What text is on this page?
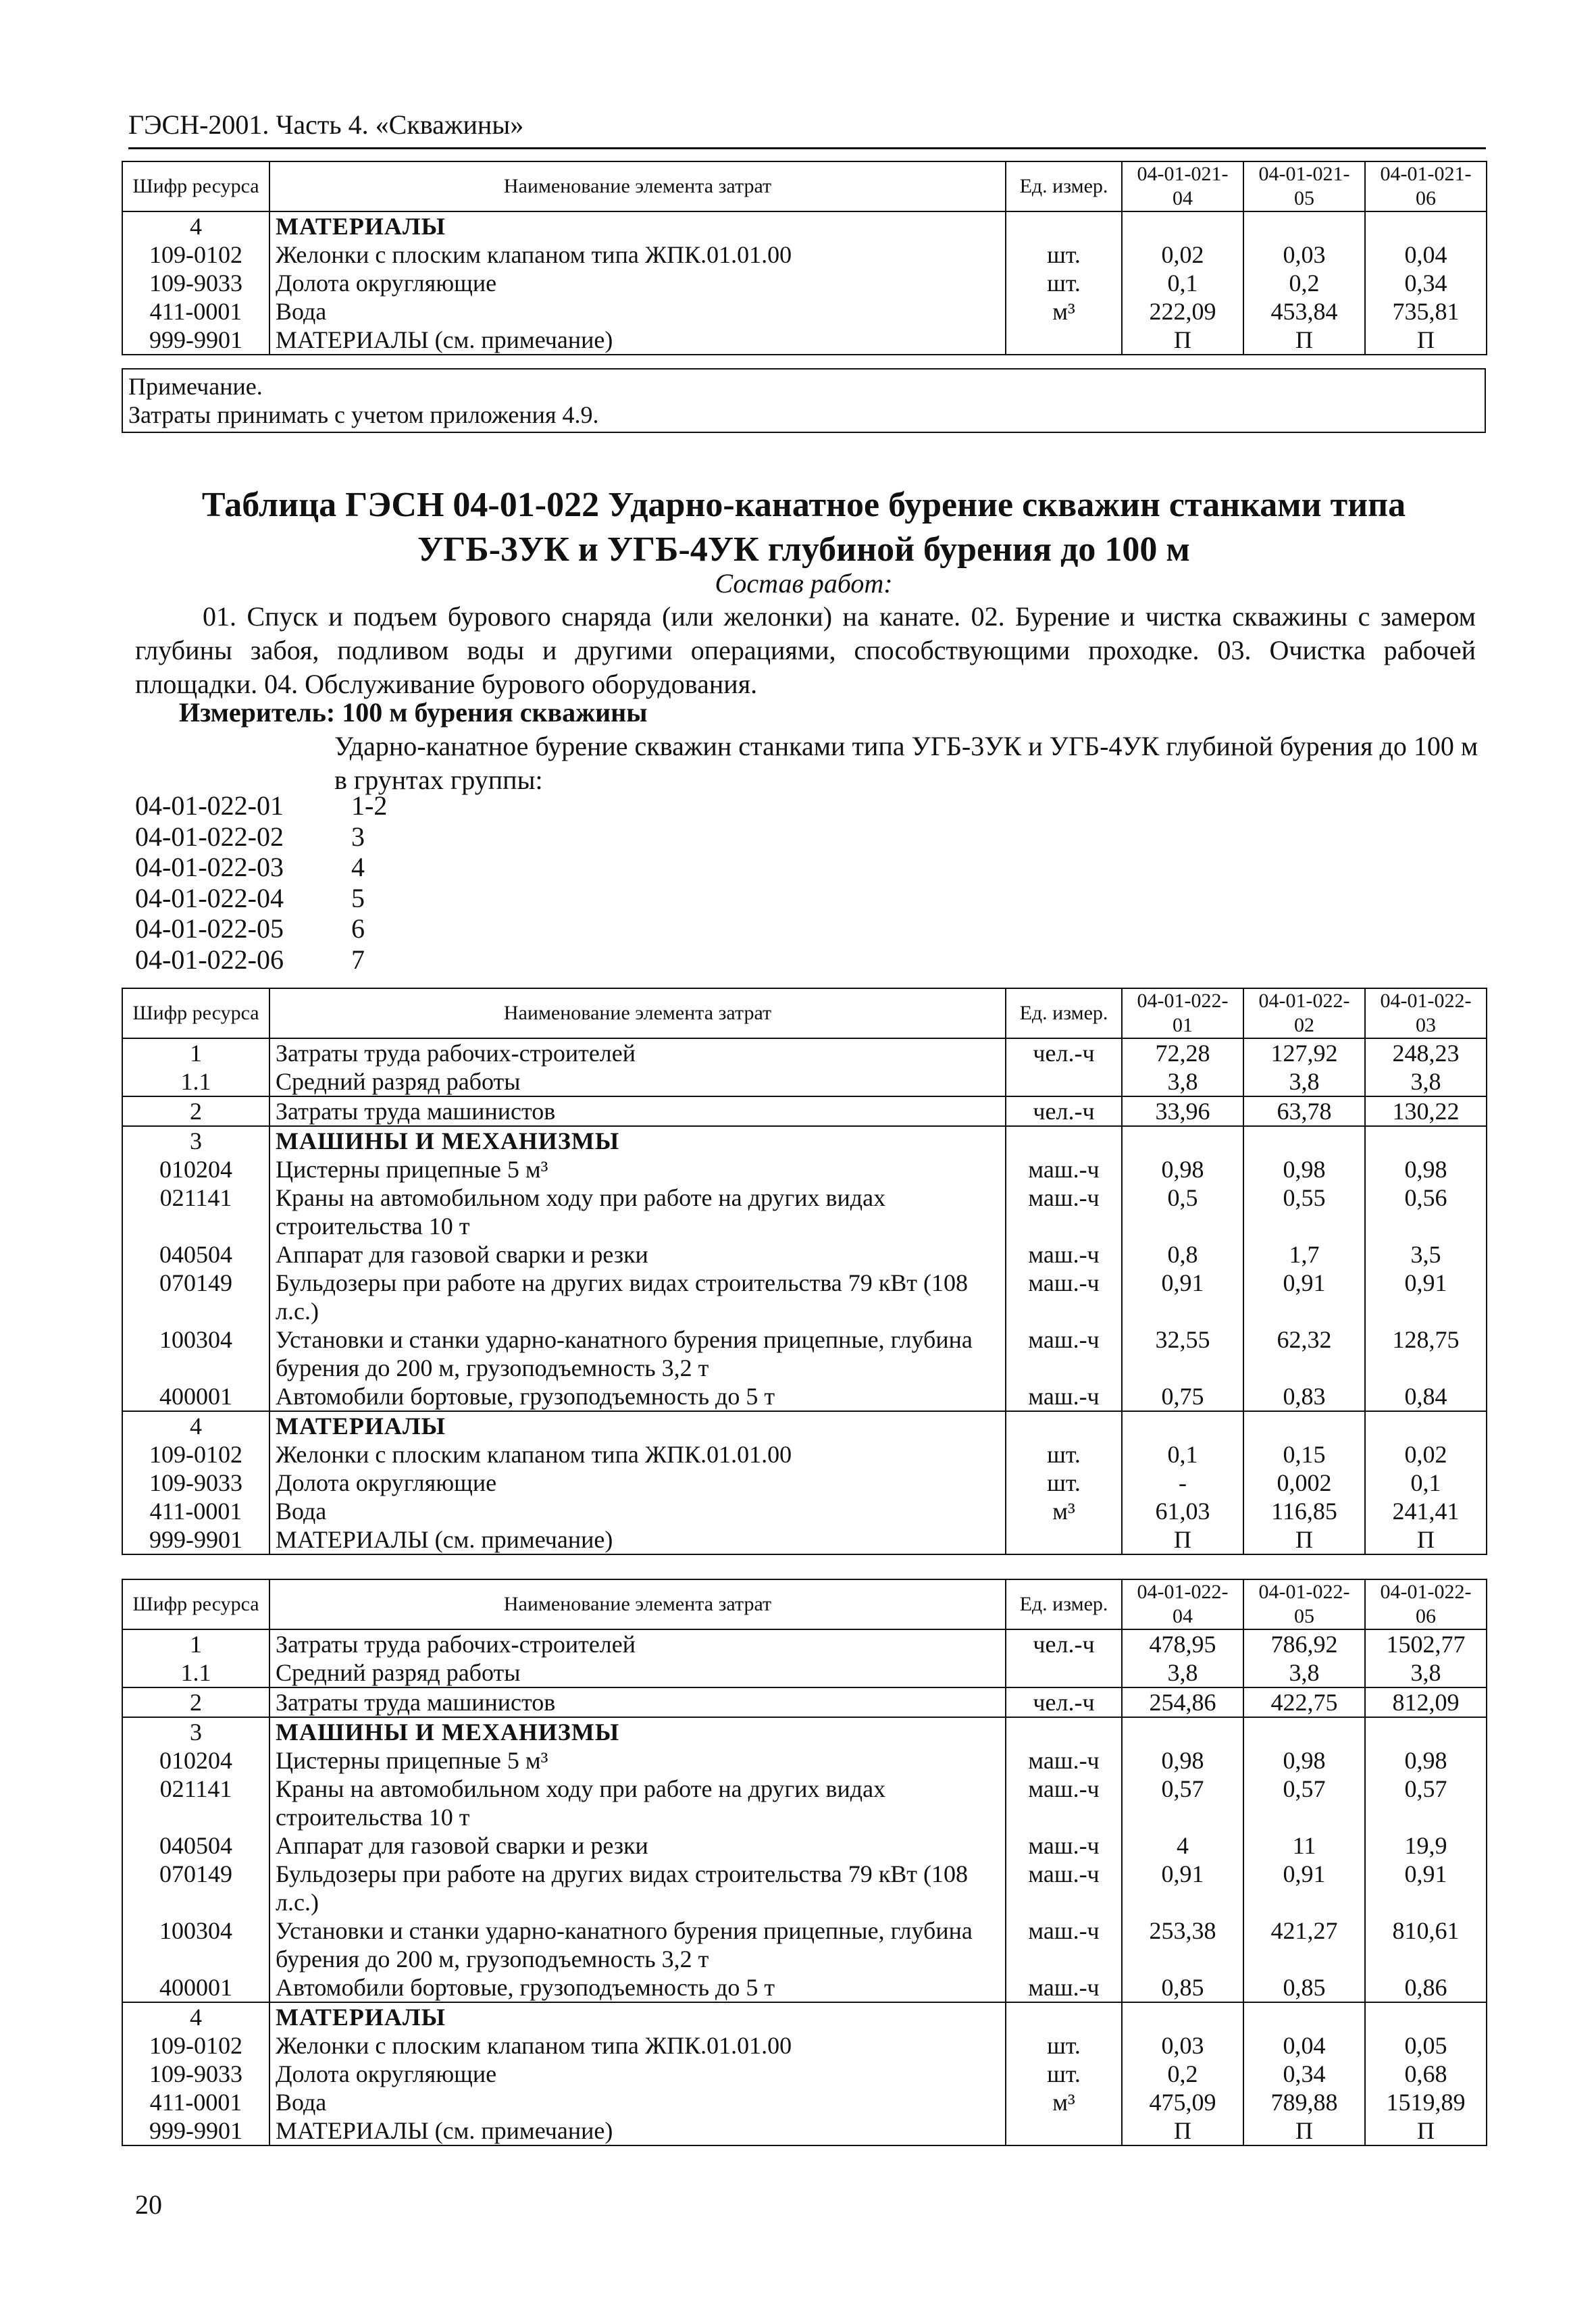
ГЭСН-2001. Часть 4. «Скважины»
Шифр ресурса	Наименование элемента затрат	Ед. измер.	04-01-021-04	04-01-021-05	04-01-021-06
4	МАТЕРИАЛЫ				
109-0102	Желонки с плоским клапаном типа ЖПК.01.01.00	шт.	0,02	0,03	0,04
109-9033	Долота округляющие	шт.	0,1	0,2	0,34
411-0001	Вода	м³	222,09	453,84	735,81
999-9901	МАТЕРИАЛЫ (см. примечание)		П	П	П
Примечание.
Затраты принимать с учетом приложения 4.9.
Таблица ГЭСН 04-01-022 Ударно-канатное бурение скважин станками типа УГБ-3УК и УГБ-4УК глубиной бурения до 100 м
Состав работ:
01. Спуск и подъем бурового снаряда (или желонки) на канате. 02. Бурение и чистка скважины с замером глубины забоя, подливом воды и другими операциями, способствующими проходке. 03. Очистка рабочей площадки. 04. Обслуживание бурового оборудования.
Измеритель: 100 м бурения скважины
Ударно-канатное бурение скважин станками типа УГБ-3УК и УГБ-4УК глубиной бурения до 100 м в грунтах группы:
04-01-022-01	1-2
04-01-022-02	3
04-01-022-03	4
04-01-022-04	5
04-01-022-05	6
04-01-022-06	7
Шифр ресурса	Наименование элемента затрат	Ед. измер.	04-01-022-01	04-01-022-02	04-01-022-03
1	Затраты труда рабочих-строителей	чел.-ч	72,28	127,92	248,23
1.1	Средний разряд работы		3,8	3,8	3,8
2	Затраты труда машинистов	чел.-ч	33,96	63,78	130,22
3	МАШИНЫ И МЕХАНИЗМЫ				
010204	Цистерны прицепные 5 м³	маш.-ч	0,98	0,98	0,98
021141	Краны на автомобильном ходу при работе на других видах строительства 10 т	маш.-ч	0,5	0,55	0,56
040504	Аппарат для газовой сварки и резки	маш.-ч	0,8	1,7	3,5
070149	Бульдозеры при работе на других видах строительства 79 кВт (108 л.с.)	маш.-ч	0,91	0,91	0,91
100304	Установки и станки ударно-канатного бурения прицепные, глубина бурения до 200 м, грузоподъемность 3,2 т	маш.-ч	32,55	62,32	128,75
400001	Автомобили бортовые, грузоподъемность до 5 т	маш.-ч	0,75	0,83	0,84
4	МАТЕРИАЛЫ				
109-0102	Желонки с плоским клапаном типа ЖПК.01.01.00	шт.	0,1	0,15	0,02
109-9033	Долота округляющие	шт.	-	0,002	0,1
411-0001	Вода	м³	61,03	116,85	241,41
999-9901	МАТЕРИАЛЫ (см. примечание)		П	П	П
Шифр ресурса	Наименование элемента затрат	Ед. измер.	04-01-022-04	04-01-022-05	04-01-022-06
1	Затраты труда рабочих-строителей	чел.-ч	478,95	786,92	1502,77
1.1	Средний разряд работы		3,8	3,8	3,8
2	Затраты труда машинистов	чел.-ч	254,86	422,75	812,09
3	МАШИНЫ И МЕХАНИЗМЫ				
010204	Цистерны прицепные 5 м³	маш.-ч	0,98	0,98	0,98
021141	Краны на автомобильном ходу при работе на других видах строительства 10 т	маш.-ч	0,57	0,57	0,57
040504	Аппарат для газовой сварки и резки	маш.-ч	4	11	19,9
070149	Бульдозеры при работе на других видах строительства 79 кВт (108 л.с.)	маш.-ч	0,91	0,91	0,91
100304	Установки и станки ударно-канатного бурения прицепные, глубина бурения до 200 м, грузоподъемность 3,2 т	маш.-ч	253,38	421,27	810,61
400001	Автомобили бортовые, грузоподъемность до 5 т	маш.-ч	0,85	0,85	0,86
4	МАТЕРИАЛЫ				
109-0102	Желонки с плоским клапаном типа ЖПК.01.01.00	шт.	0,03	0,04	0,05
109-9033	Долота округляющие	шт.	0,2	0,34	0,68
411-0001	Вода	м³	475,09	789,88	1519,89
999-9901	МАТЕРИАЛЫ (см. примечание)		П	П	П
20
